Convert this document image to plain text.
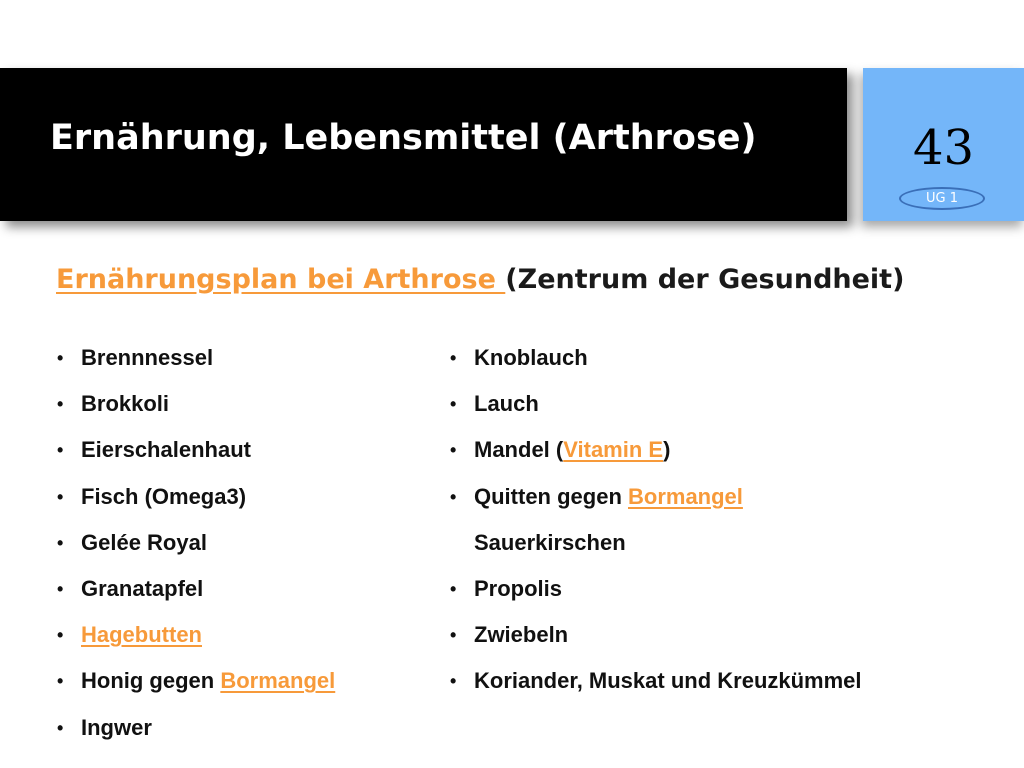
Ernährung, Lebensmittel (Arthrose)	43
UG 1
Ernährungsplan bei Arthrose (Zentrum der Gesundheit)
• Brennnessel
• Brokkoli
• Eierschalenhaut
• Fisch (Omega3)
• Gelée Royal
• Granatapfel
• Hagebutten
• Honig gegen Bormangel
• Ingwer
• Knoblauch
• Lauch
• Mandel (Vitamin E)
• Quitten gegen Bormangel
Sauerkirschen
• Propolis
• Zwiebeln
• Koriander, Muskat und Kreuzkümmel
